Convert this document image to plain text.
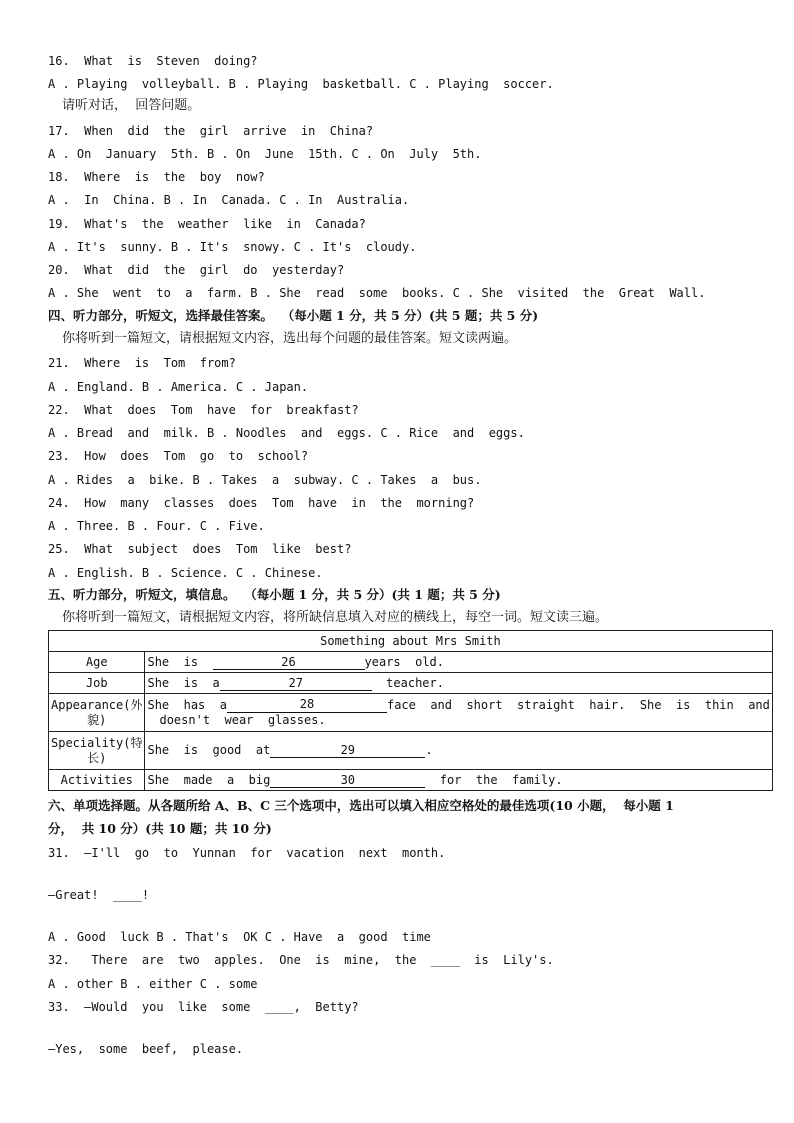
16.  What  is  Steven  doing?
A . Playing  volleyball. B . Playing  basketball. C . Playing  soccer.
请听对话，  回答问题。
17.  When  did  the  girl  arrive  in  China?
A . On  January  5th. B . On  June  15th. C . On  July  5th.
18.  Where  is  the  boy  now?
A .  In  China. B . In  Canada. C . In  Australia.
19.  What's  the  weather  like  in  Canada?
A . It's  sunny. B . It's  snowy. C . It's  cloudy.
20.  What  did  the  girl  do  yesterday?
A . She  went  to  a  farm. B . She  read  some  books. C . She  visited  the  Great  Wall.
四、听力部分，听短文，选择最佳答案。  （每小题 1 分，共 5 分）(共 5 题；共 5 分)
你将听到一篇短文，请根据短文内容，选出每个问题的最佳答案。短文读两遍。
21.  Where  is  Tom  from?
A . England. B . America. C . Japan.
22.  What  does  Tom  have  for  breakfast?
A . Bread  and  milk. B . Noodles  and  eggs. C . Rice  and  eggs.
23.  How  does  Tom  go  to  school?
A . Rides  a  bike. B . Takes  a  subway. C . Takes  a  bus.
24.  How  many  classes  does  Tom  have  in  the  morning?
A . Three. B . Four. C . Five.
25.  What  subject  does  Tom  like  best?
A . English. B . Science. C . Chinese.
五、听力部分，听短文，填信息。  （每小题 1 分，共 5 分）(共 1 题；共 5 分)
你将听到一篇短文，请根据短文内容，将所缺信息填入对应的横线上，每空一词。短文读三遍。
Something about Mrs Smith	
Age	She  is 26 years  old.
Job	She  is  a 27 teacher.
Appearance(外貌)	She  has  a 28 face  and  short  straight  hair.  She  is  thin  and
doesn't  wear  glasses.

Speciality(特长)	She  is  good  at 29 .
Activities	She  made  a  big 30 for  the  family.
六、单项选择题。从各题所给 A、B、C 三个选项中，选出可以填入相应空格处的最佳选项(10 小题，  每小题 1
分，  共 10 分）(共 10 题；共 10 分)
31.  —I'll  go  to  Yunnan  for  vacation  next  month.
—Great!  ____!
A . Good  luck B . That's  OK C . Have  a  good  time
32.   There  are  two  apples.  One  is  mine,  the  ____  is  Lily's.
A . other B . either C . some
33.  —Would  you  like  some  ____,  Betty?
—Yes,  some  beef,  please.
